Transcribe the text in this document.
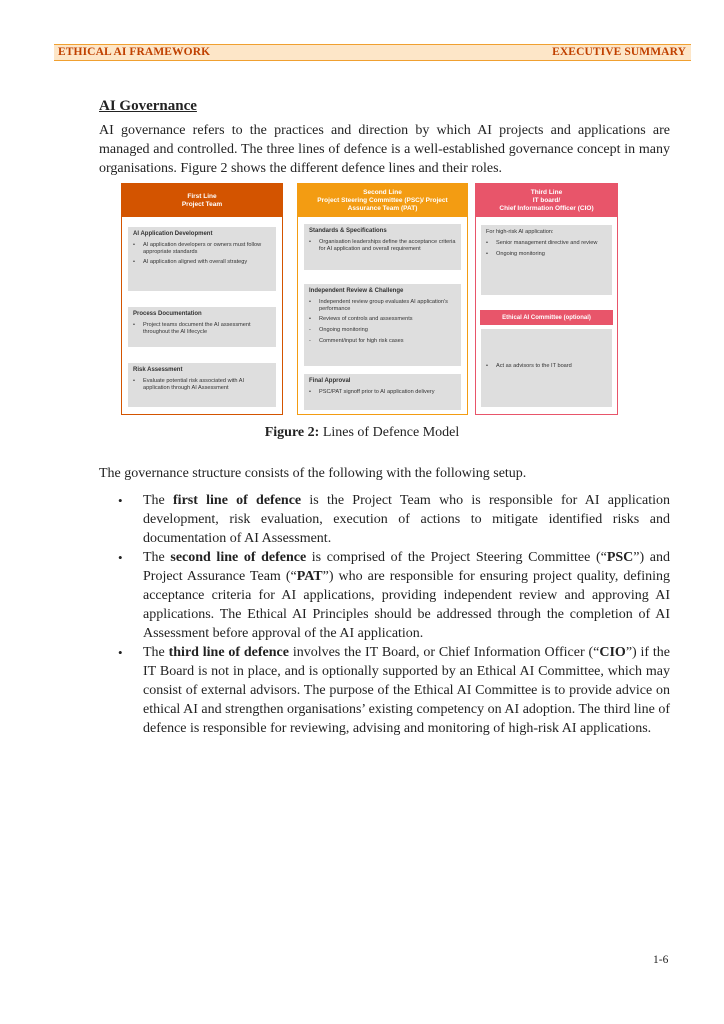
ETHICAL AI FRAMEWORK	EXECUTIVE SUMMARY
AI Governance
AI governance refers to the practices and direction by which AI projects and applications are managed and controlled. The three lines of defence is a well-established governance concept in many organisations. Figure 2 shows the different defence lines and their roles.
First Line
Project Team
AI Application Development
• AI application developers or owners must follow appropriate standards
• AI application aligned with overall strategy
Process Documentation
• Project teams document the AI assessment throughout the AI lifecycle
Risk Assessment
• Evaluate potential risk associated with AI application through AI Assessment
Second Line
Project Steering Committee (PSC)/ Project
Assurance Team (PAT)
Standards & Specifications
• Organisation leaderships define the acceptance criteria for AI application and overall requirement
Independent Review & Challenge
• Independent review group evaluates AI application's performance
• Reviews of controls and assessments
- Ongoing monitoring
- Comment/input for high risk cases
Final Approval
• PSC/PAT signoff prior to AI application delivery
Third Line
IT board/
Chief Information Officer (CIO)
For high-risk AI application:
• Senior management directive and review
• Ongoing monitoring
Ethical AI Committee (optional)
• Act as advisors to the IT board
Figure 2: Lines of Defence Model
The governance structure consists of the following with the following setup.
• The first line of defence is the Project Team who is responsible for AI application development, risk evaluation, execution of actions to mitigate identified risks and documentation of AI Assessment.
• The second line of defence is comprised of the Project Steering Committee (“PSC”) and Project Assurance Team (“PAT”) who are responsible for ensuring project quality, defining acceptance criteria for AI applications, providing independent review and approving AI applications. The Ethical AI Principles should be addressed through the completion of AI Assessment before approval of the AI application.
• The third line of defence involves the IT Board, or Chief Information Officer (“CIO”) if the IT Board is not in place, and is optionally supported by an Ethical AI Committee, which may consist of external advisors. The purpose of the Ethical AI Committee is to provide advice on ethical AI and strengthen organisations’ existing competency on AI adoption. The third line of defence is responsible for reviewing, advising and monitoring of high-risk AI applications.
1-6
